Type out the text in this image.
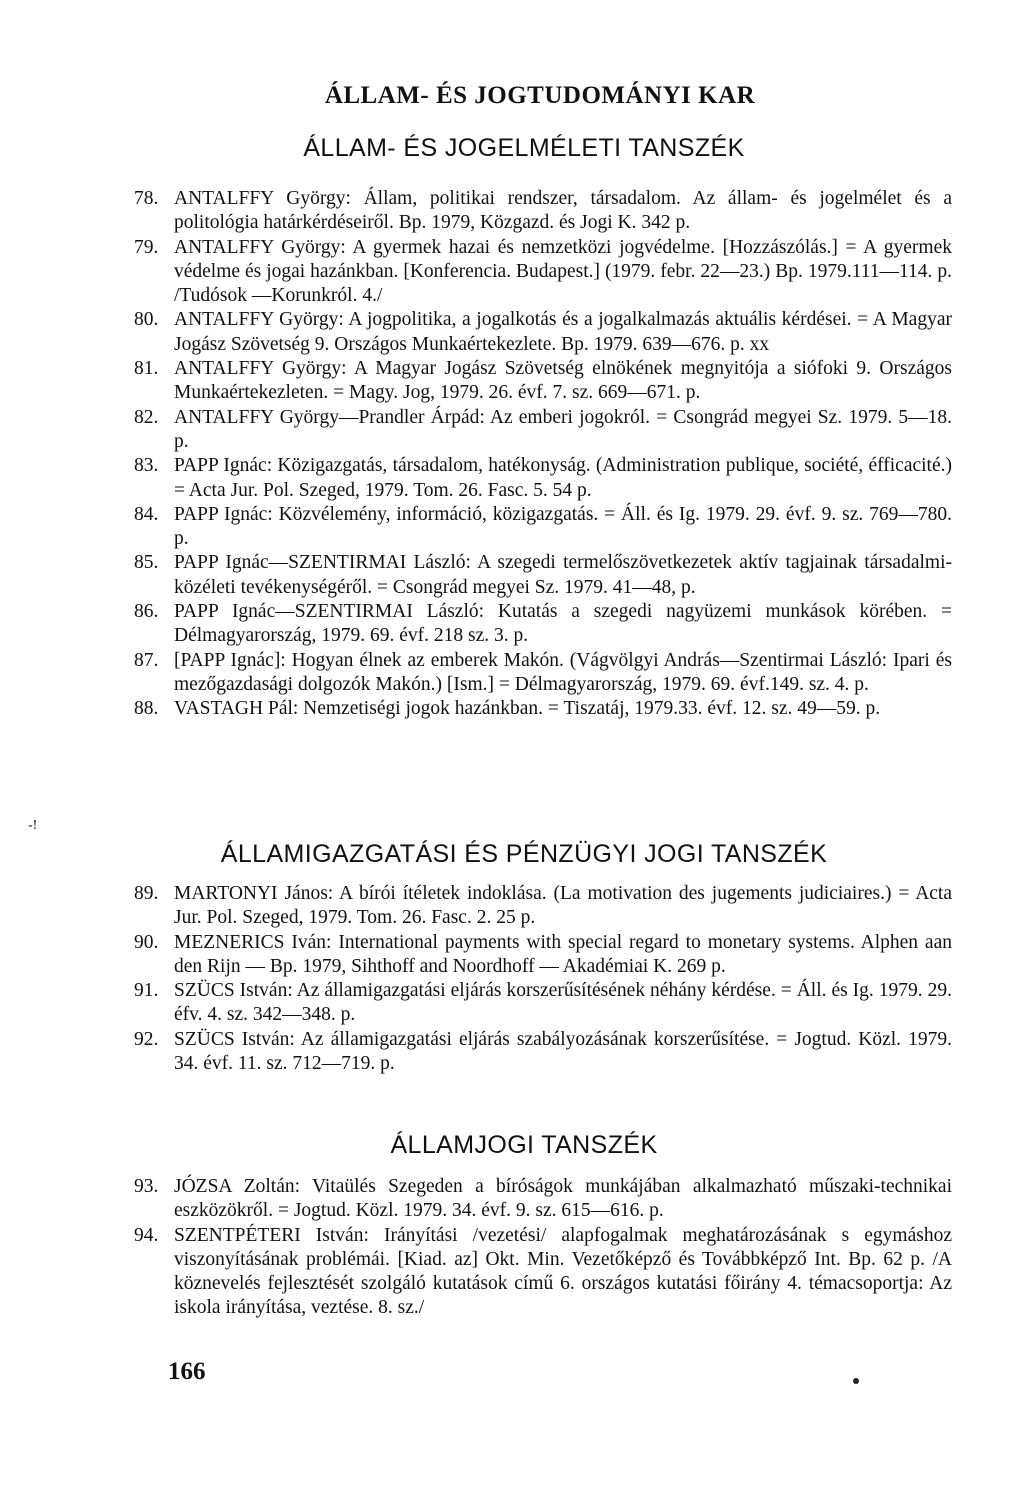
ÁLLAM- ÉS JOGTUDOMÁNYI KAR
ÁLLAM- ÉS JOGELMÉLETI TANSZÉK
78. ANTALFFY György: Állam, politikai rendszer, társadalom. Az állam- és jogelmélet és a politológia határkérdéseiről. Bp. 1979, Közgazd. és Jogi K. 342 p.
79. ANTALFFY György: A gyermek hazai és nemzetközi jogvédelme. [Hozzászólás.] = A gyermek védelme és jogai hazánkban. [Konferencia. Budapest.] (1979. febr. 22—23.) Bp. 1979.111—114. p. /Tudósok —Korunkról. 4./
80. ANTALFFY György: A jogpolitika, a jogalkotás és a jogalkalmazás aktuális kérdései. = A Magyar Jogász Szövetség 9. Országos Munkaértekezlete. Bp. 1979. 639—676. p. xx
81. ANTALFFY György: A Magyar Jogász Szövetség elnökének megnyitója a siófoki 9. Országos Munkaértekezleten. = Magy. Jog, 1979. 26. évf. 7. sz. 669—671. p.
82. ANTALFFY György—Prandler Árpád: Az emberi jogokról. = Csongrád megyei Sz. 1979. 5—18. p.
83. PAPP Ignác: Közigazgatás, társadalom, hatékonyság. (Administration publique, société, éfficacité.) = Acta Jur. Pol. Szeged, 1979. Tom. 26. Fasc. 5. 54 p.
84. PAPP Ignác: Közvélemény, információ, közigazgatás. = Áll. és Ig. 1979. 29. évf. 9. sz. 769—780. p.
85. PAPP Ignác—SZENTIRMAI László: A szegedi termelőszövetkezetek aktív tagjainak társadalmi-közéleti tevékenységéről. = Csongrád megyei Sz. 1979. 41—48, p.
86. PAPP Ignác—SZENTIRMAI László: Kutatás a szegedi nagyüzemi munkások körében. = Délmagyarország, 1979. 69. évf. 218 sz. 3. p.
87. [PAPP Ignác]: Hogyan élnek az emberek Makón. (Vágvölgyi András—Szentirmai László: Ipari és mezőgazdasági dolgozók Makón.) [Ism.] = Délmagyarország, 1979. 69. évf.149. sz. 4. p.
88. VASTAGH Pál: Nemzetiségi jogok hazánkban. = Tiszatáj, 1979.33. évf. 12. sz. 49—59. p.
-!
ÁLLAMIGAZGATÁSI ÉS PÉNZÜGYI JOGI TANSZÉK
89. MARTONYI János: A bírói ítéletek indoklása. (La motivation des jugements judiciaires.) = Acta Jur. Pol. Szeged, 1979. Tom. 26. Fasc. 2. 25 p.
90. MEZNERICS Iván: International payments with special regard to monetary systems. Alphen aan den Rijn — Bp. 1979, Sihthoff and Noordhoff — Akadémiai K. 269 p.
91. SZÜCS István: Az államigazgatási eljárás korszerűsítésének néhány kérdése. = Áll. és Ig. 1979. 29. éfv. 4. sz. 342—348. p.
92. SZÜCS István: Az államigazgatási eljárás szabályozásának korszerűsítése. = Jogtud. Közl. 1979. 34. évf. 11. sz. 712—719. p.
ÁLLAMJOGI TANSZÉK
93. JÓZSA Zoltán: Vitaülés Szegeden a bíróságok munkájában alkalmazható műszaki-technikai eszközökről. = Jogtud. Közl. 1979. 34. évf. 9. sz. 615—616. p.
94. SZENTPÉTERI István: Irányítási /vezetési/ alapfogalmak meghatározásának s egymáshoz viszonyításának problémái. [Kiad. az] Okt. Min. Vezetőképző és Továbbképző Int. Bp. 62 p. /A köznevelés fejlesztését szolgáló kutatások című 6. országos kutatási főirány 4. témacsoportja: Az iskola irányítása, veztése. 8. sz./
166
